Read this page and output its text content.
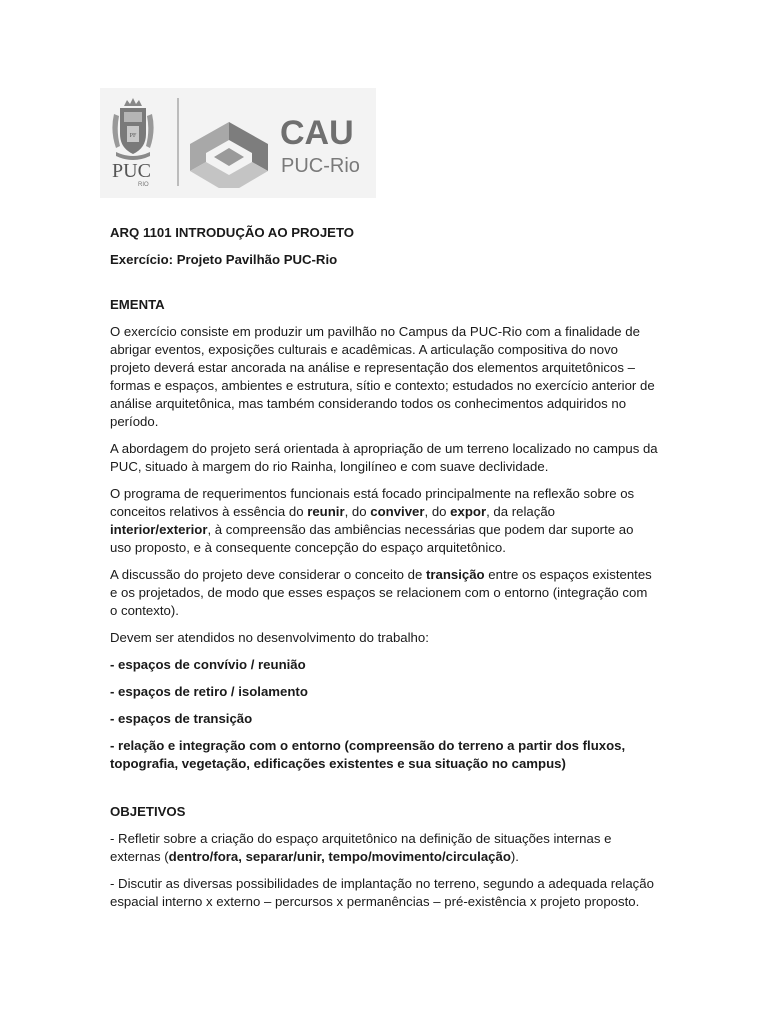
PF
PUC
RIO
CAU
PUC-Rio

ARQ 1101 INTRODUÇÃO AO PROJETO

Exercício: Projeto Pavilhão PUC-Rio

EMENTA

O exercício consiste em produzir um pavilhão no Campus da PUC-Rio com a finalidade de abrigar eventos, exposições culturais e acadêmicas. A articulação compositiva do novo projeto deverá estar ancorada na análise e representação dos elementos arquitetônicos – formas e espaços, ambientes e estrutura, sítio e contexto; estudados no exercício anterior de análise arquitetônica, mas também considerando todos os conhecimentos adquiridos no período.

A abordagem do projeto será orientada à apropriação de um terreno localizado no campus da PUC, situado à margem do rio Rainha, longilíneo e com suave declividade.

O programa de requerimentos funcionais está focado principalmente na reflexão sobre os conceitos relativos à essência do reunir, do conviver, do expor, da relação interior/exterior, à compreensão das ambiências necessárias que podem dar suporte ao uso proposto, e à consequente concepção do espaço arquitetônico.

A discussão do projeto deve considerar o conceito de transição entre os espaços existentes e os projetados, de modo que esses espaços se relacionem com o entorno (integração com o contexto).

Devem ser atendidos no desenvolvimento do trabalho:

- espaços de convívio / reunião

- espaços de retiro / isolamento

- espaços de transição

- relação e integração com o entorno (compreensão do terreno a partir dos fluxos, topografia, vegetação, edificações existentes e sua situação no campus)

OBJETIVOS

- Refletir sobre a criação do espaço arquitetônico na definição de situações internas e externas (dentro/fora, separar/unir, tempo/movimento/circulação).

- Discutir as diversas possibilidades de implantação no terreno, segundo a adequada relação espacial interno x externo – percursos x permanências – pré-existência x projeto proposto.
